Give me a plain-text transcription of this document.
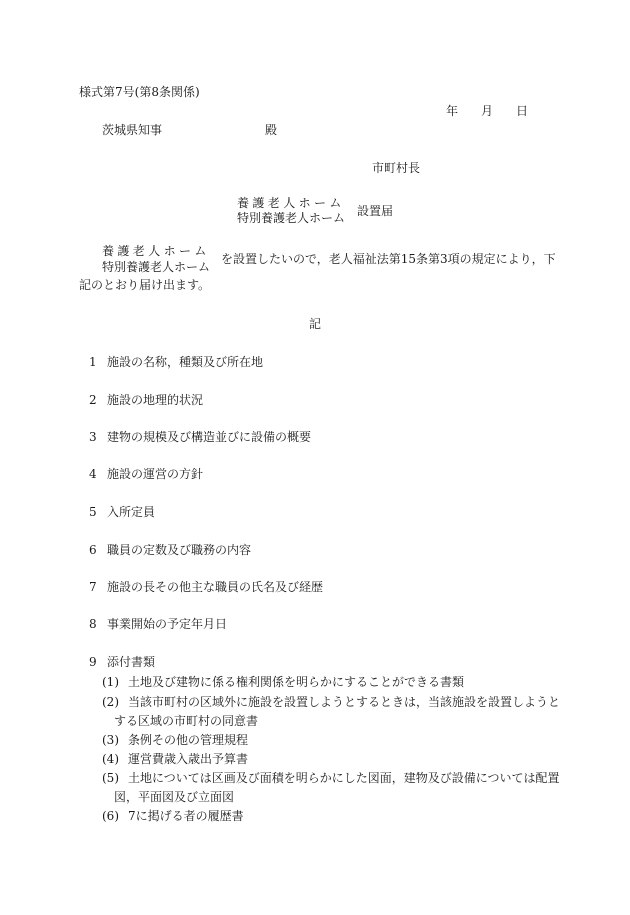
様式第7号(第8条関係)
年 月 日
茨城県知事	殿
市町村長
養護老人ホーム
特別養護老人ホーム 設置届
養護老人ホーム
特別養護老人ホーム
を設置したいので，老人福祉法第15条第3項の規定により，下
記のとおり届け出ます。
記
1 施設の名称，種類及び所在地
2 施設の地理的状況
3 建物の規模及び構造並びに設備の概要
4 施設の運営の方針
5 入所定員
6 職員の定数及び職務の内容
7 施設の長その他主な職員の氏名及び経歴
8 事業開始の予定年月日
9 添付書類
(1) 土地及び建物に係る権利関係を明らかにすることができる書類
(2) 当該市町村の区域外に施設を設置しようとするときは，当該施設を設置しようと
する区域の市町村の同意書
(3) 条例その他の管理規程
(4) 運営費歳入歳出予算書
(5) 土地については区画及び面積を明らかにした図面，建物及び設備については配置
図，平面図及び立面図
(6) 7に掲げる者の履歴書
